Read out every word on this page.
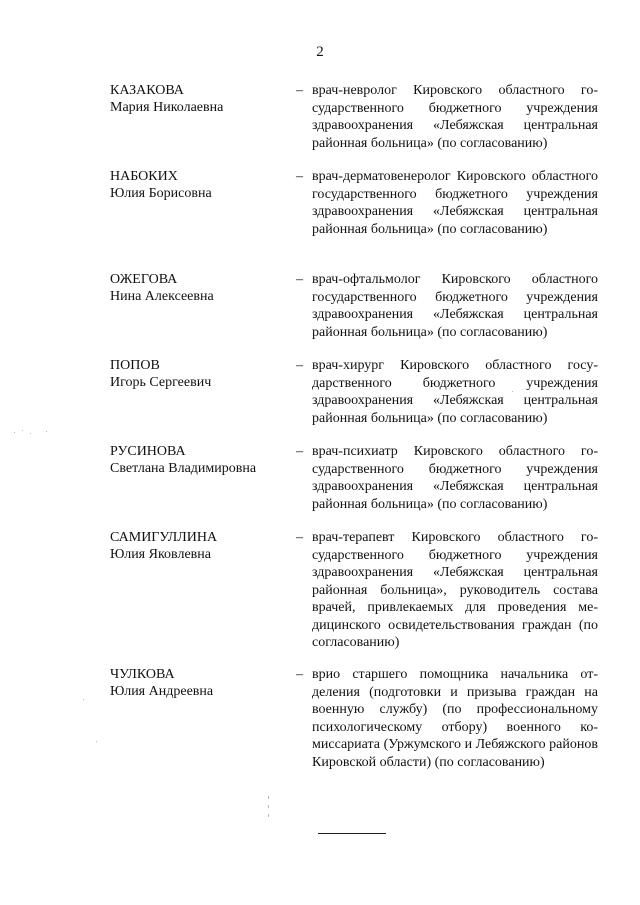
2
КАЗАКОВА
Мария Николаевна
– врач-невролог Кировского областного государственного бюджетного учреждения здравоохранения «Лебяжская центральная районная больница» (по согласованию)
НАБОКИХ
Юлия Борисовна
– врач-дерматовенеролог Кировского областного государственного бюджетного учреждения здравоохранения «Лебяжская центральная районная больница» (по согласованию)
ОЖЕГОВА
Нина Алексеевна
– врач-офтальмолог Кировского областного государственного бюджетного учреждения здравоохранения «Лебяжская центральная районная больница» (по согласованию)
ПОПОВ
Игорь Сергеевич
– врач-хирург Кировского областного государственного бюджетного учреждения здравоохранения «Лебяжская центральная районная больница» (по согласованию)
РУСИНОВА
Светлана Владимировна
– врач-психиатр Кировского областного государственного бюджетного учреждения здравоохранения «Лебяжская центральная районная больница» (по согласованию)
САМИГУЛЛИНА
Юлия Яковлевна
– врач-терапевт Кировского областного государственного бюджетного учреждения здравоохранения «Лебяжская центральная районная больница», руководитель состава врачей, привлекаемых для проведения медицинского освидетельствования граждан (по согласованию)
ЧУЛКОВА
Юлия Андреевна
– врио старшего помощника начальника отделения (подготовки и призыва граждан на военную службу) (по профессиональному психологическому отбору) военного комиссариата (Уржумского и Лебяжского районов Кировской области) (по согласованию)
